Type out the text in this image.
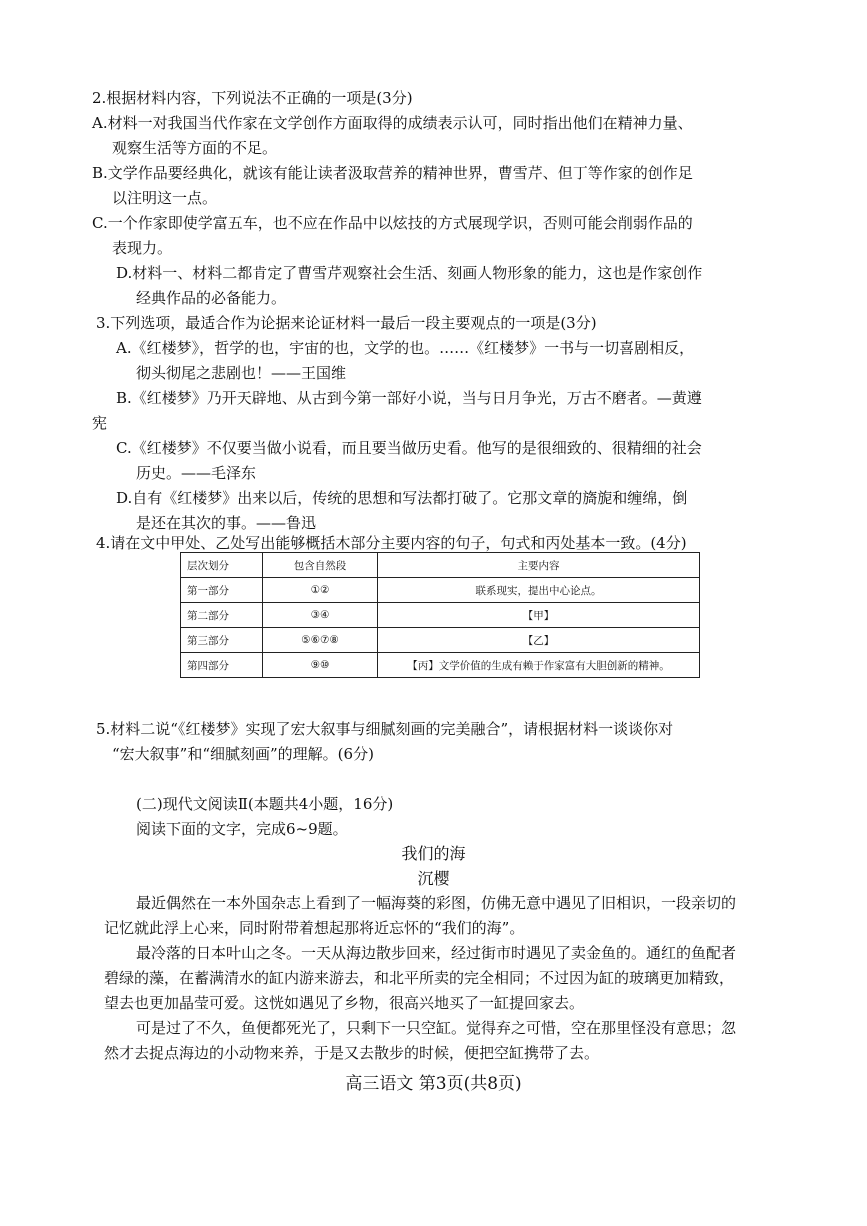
2.根据材料内容，下列说法不正确的一项是(3分)
A.材料一对我国当代作家在文学创作方面取得的成绩表示认可，同时指出他们在精神力量、
观察生活等方面的不足。
B.文学作品要经典化，就该有能让读者汲取营养的精神世界，曹雪芹、但丁等作家的创作足
以注明这一点。
C.一个作家即使学富五车，也不应在作品中以炫技的方式展现学识，否则可能会削弱作品的
表现力。
D.材料一、材料二都肯定了曹雪芹观察社会生活、刻画人物形象的能力，这也是作家创作
经典作品的必备能力。
3.下列选项，最适合作为论据来论证材料一最后一段主要观点的一项是(3分)
A.《红楼梦》，哲学的也，宇宙的也，文学的也。……《红楼梦》一书与一切喜剧相反，
彻头彻尾之悲剧也！——王国维
B.《红楼梦》乃开天辟地、从古到今第一部好小说，当与日月争光，万古不磨者。—黄遵
宪
C.《红楼梦》不仅要当做小说看，而且要当做历史看。他写的是很细致的、很精细的社会
历史。——毛泽东
D.自有《红楼梦》出来以后，传统的思想和写法都打破了。它那文章的旖旎和缠绵，倒
是还在其次的事。——鲁迅
4.请在文中甲处、乙处写出能够概括木部分主要内容的句子，句式和丙处基本一致。(4分)
层次划分	包含自然段	主要内容
第一部分	①②	联系现实，提出中心论点。
第二部分	③④	【甲】
第三部分	⑤⑥⑦⑧	【乙】
第四部分	⑨⑩	【丙】文学价值的生成有赖于作家富有大胆创新的精神。
5.材料二说“《红楼梦》实现了宏大叙事与细腻刻画的完美融合”，请根据材料一谈谈你对
“宏大叙事”和“细腻刻画”的理解。(6分)
(二)现代文阅读Ⅱ(本题共4小题，16分)
阅读下面的文字，完成6~9题。
我们的海
沉樱
最近偶然在一本外国杂志上看到了一幅海葵的彩图，仿佛无意中遇见了旧相识，一段亲切的
记忆就此浮上心来，同时附带着想起那将近忘怀的“我们的海”。
最冷落的日本叶山之冬。一天从海边散步回来，经过街市时遇见了卖金鱼的。通红的鱼配者
碧绿的藻，在蓄满清水的缸内游来游去，和北平所卖的完全相同；不过因为缸的玻璃更加精致，
望去也更加晶莹可爱。这恍如遇见了乡物，很高兴地买了一缸提回家去。
可是过了不久，鱼便都死光了，只剩下一只空缸。觉得弃之可惜，空在那里怪没有意思；忽
然才去捉点海边的小动物来养，于是又去散步的时候，便把空缸携带了去。
高三语文 第3页(共8页)
